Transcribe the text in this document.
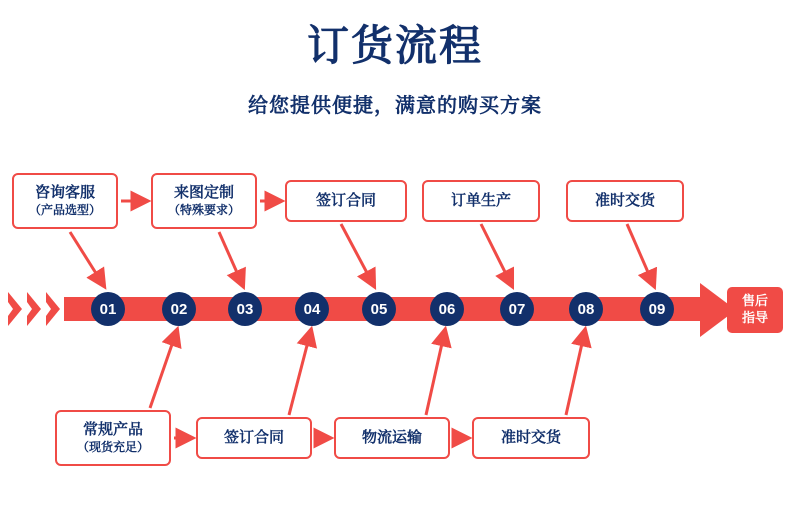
订货流程
给您提供便捷，满意的购买方案
售后
指导
01	02	03	04	05	06	07	08	09
咨询客服
（产品选型）
来图定制
（特殊要求）
签订合同	订单生产	准时交货
常规产品
（现货充足）
签订合同	物流运输	准时交货
